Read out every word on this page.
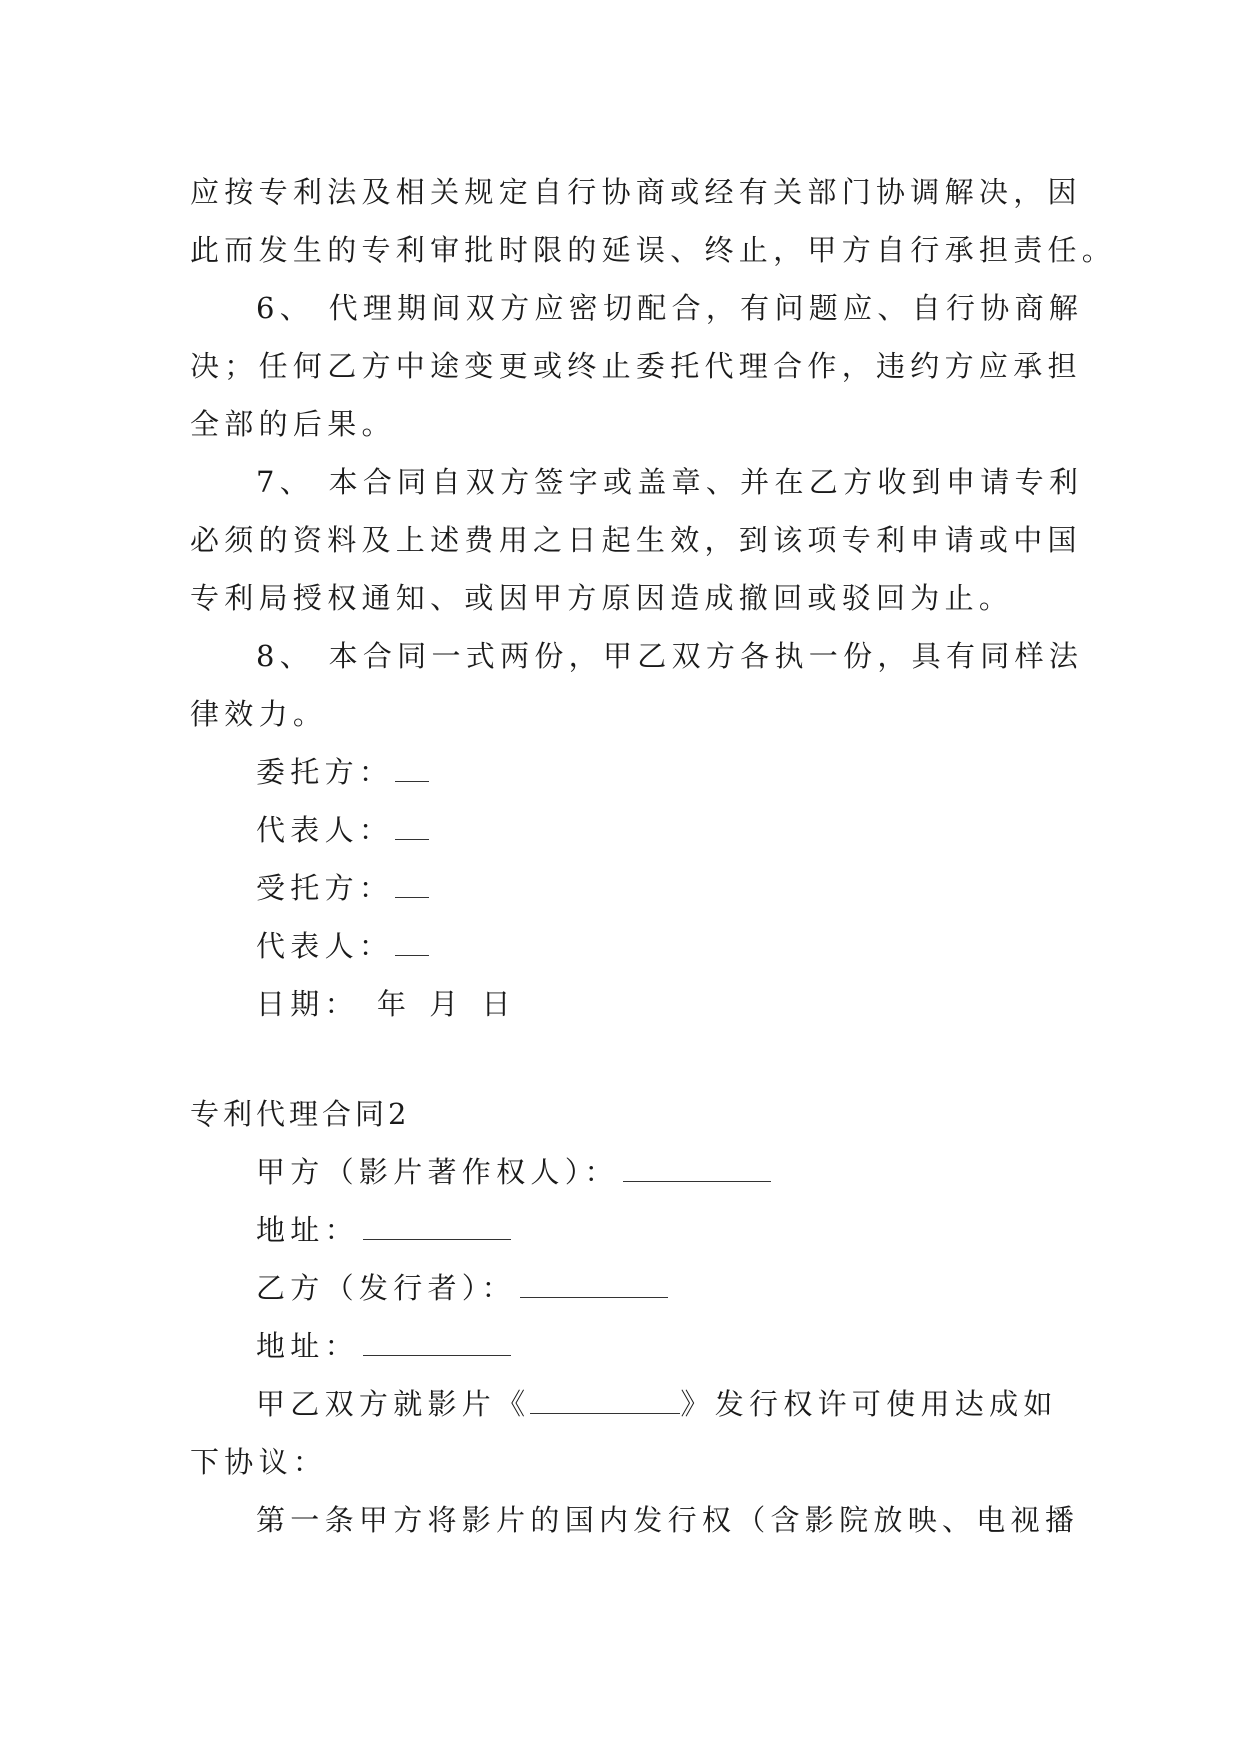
应按专利法及相关规定自行协商或经有关部门协调解决，因
此而发生的专利审批时限的延误、终止，甲方自行承担责任。
6、 代理期间双方应密切配合，有问题应、自行协商解
决；任何乙方中途变更或终止委托代理合作，违约方应承担
全部的后果。
7、 本合同自双方签字或盖章、并在乙方收到申请专利
必须的资料及上述费用之日起生效，到该项专利申请或中国
专利局授权通知、或因甲方原因造成撤回或驳回为止。
8、 本合同一式两份，甲乙双方各执一份，具有同样法
律效力。
委托方：
代表人：
受托方：
代表人：
日期： 年 月 日
专利代理合同2
甲方（影片著作权人）：
地址：
乙方（发行者）：
地址：
甲乙双方就影片《	》发行权许可使用达成如
下协议：
第一条甲方将影片的国内发行权（含影院放映、电视播
